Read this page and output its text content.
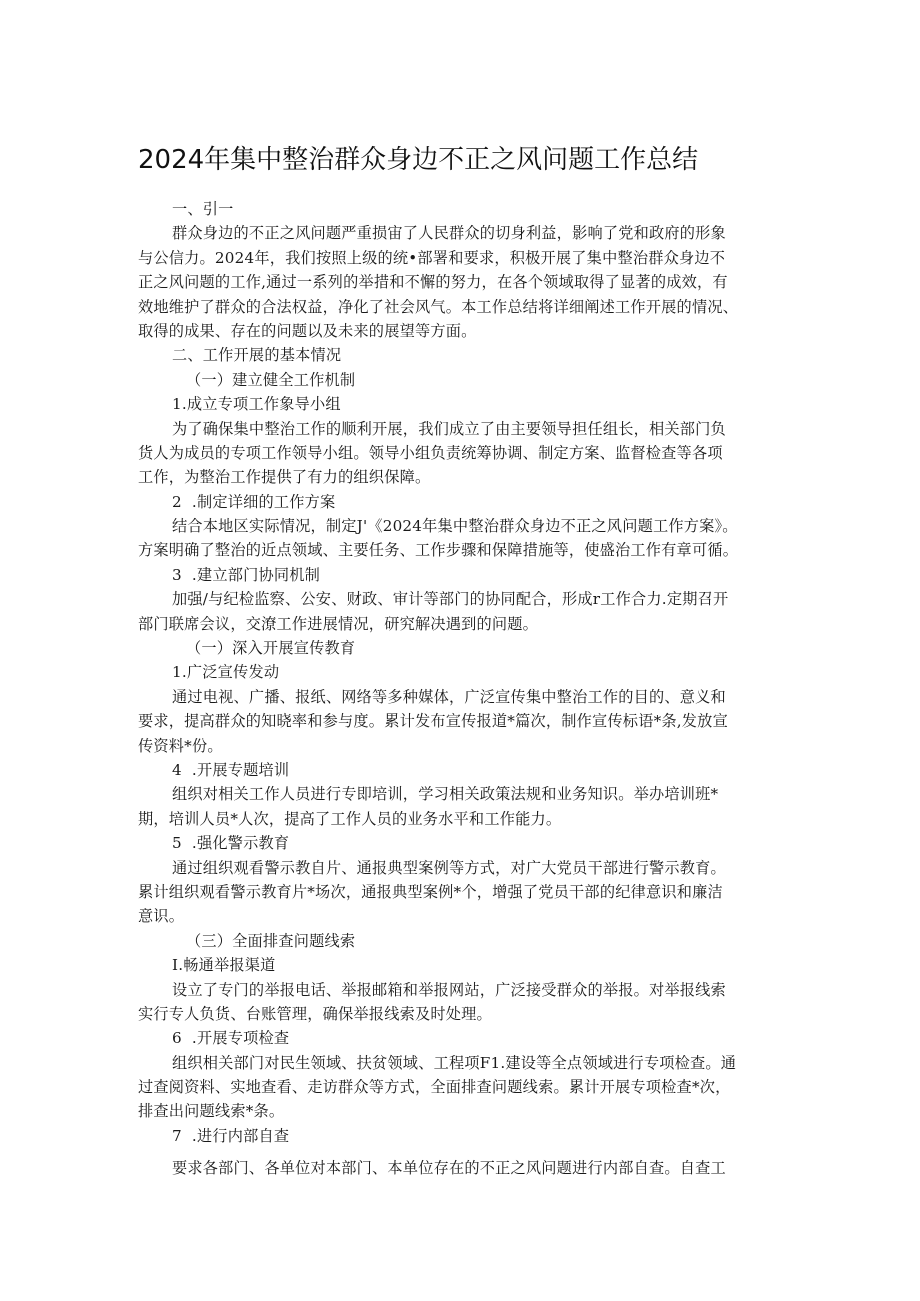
2024年集中整治群众身边不正之风问题工作总结
一、引一
群众身边的不正之风问题严重损宙了人民群众的切身利益，影响了党和政府的形象
与公信力。2024年，我们按照上级的统•部署和要求，积极开展了集中整治群众身边不
正之风问题的工作,通过一系列的举措和不懈的努力，在各个领域取得了显著的成效，有
效地维护了群众的合法权益，净化了社会风气。本工作总结将详细阐述工作开展的情况、
取得的成果、存在的问题以及未来的展望等方面。
二、工作开展的基本情况
（一）建立健全工作机制
1.成立专项工作象导小组
为了确保集中整治工作的顺利开展，我们成立了由主要领导担任组长，相关部门负
货人为成员的专项工作领导小组。领导小组负责统筹协调、制定方案、监督检查等各项
工作，为整治工作提供了有力的组织保障。
2  .制定详细的工作方案
结合本地区实际情况，制定J'《2024年集中整治群众身边不正之风问题工作方案》。
方案明确了整治的近点领域、主要任务、工作步骤和保障措施等，使盛治工作有章可循。
3  .建立部门协同机制
加强/与纪检监察、公安、财政、审计等部门的协同配合，形成r工作合力.定期召开
部门联席会议，交潦工作进展情况，研究解决遇到的问题。
（一）深入开展宣传教育
1.广泛宣传发动
通过电视、广播、报纸、网络等多种媒体，广泛宣传集中整治工作的目的、意义和
要求，提高群众的知晓率和参与度。累计发布宣传报道*篇次，制作宣传标语*条,发放宣
传资料*份。
4  .开展专题培训
组织对相关工作人员进行专即培训，学习相关政策法规和业务知识。举办培训班*
期，培训人员*人次，提高了工作人员的业务水平和工作能力。
5  .强化警示教育
通过组织观看警示教自片、通报典型案例等方式，对广大党员干部进行警示教育。
累计组织观看警示教育片*场次，通报典型案例*个，增强了党员干部的纪律意识和廉洁
意识。
（三）全面排查问题线索
I.畅通举报渠道
设立了专门的举报电话、举报邮箱和举报网站，广泛接受群众的举报。对举报线索
实行专人负货、台账管理，确保举报线索及时处理。
6  .开展专项检查
组织相关部门对民生领域、扶贫领域、工程项F1.建设等全点领域进行专项检查。通
过查阅资料、实地查看、走访群众等方式，全面排查问题线索。累计开展专项检查*次，
排查出问题线索*条。
7  .进行内部自查
要求各部门、各单位对本部门、本单位存在的不正之风问题进行内部自查。自查工
